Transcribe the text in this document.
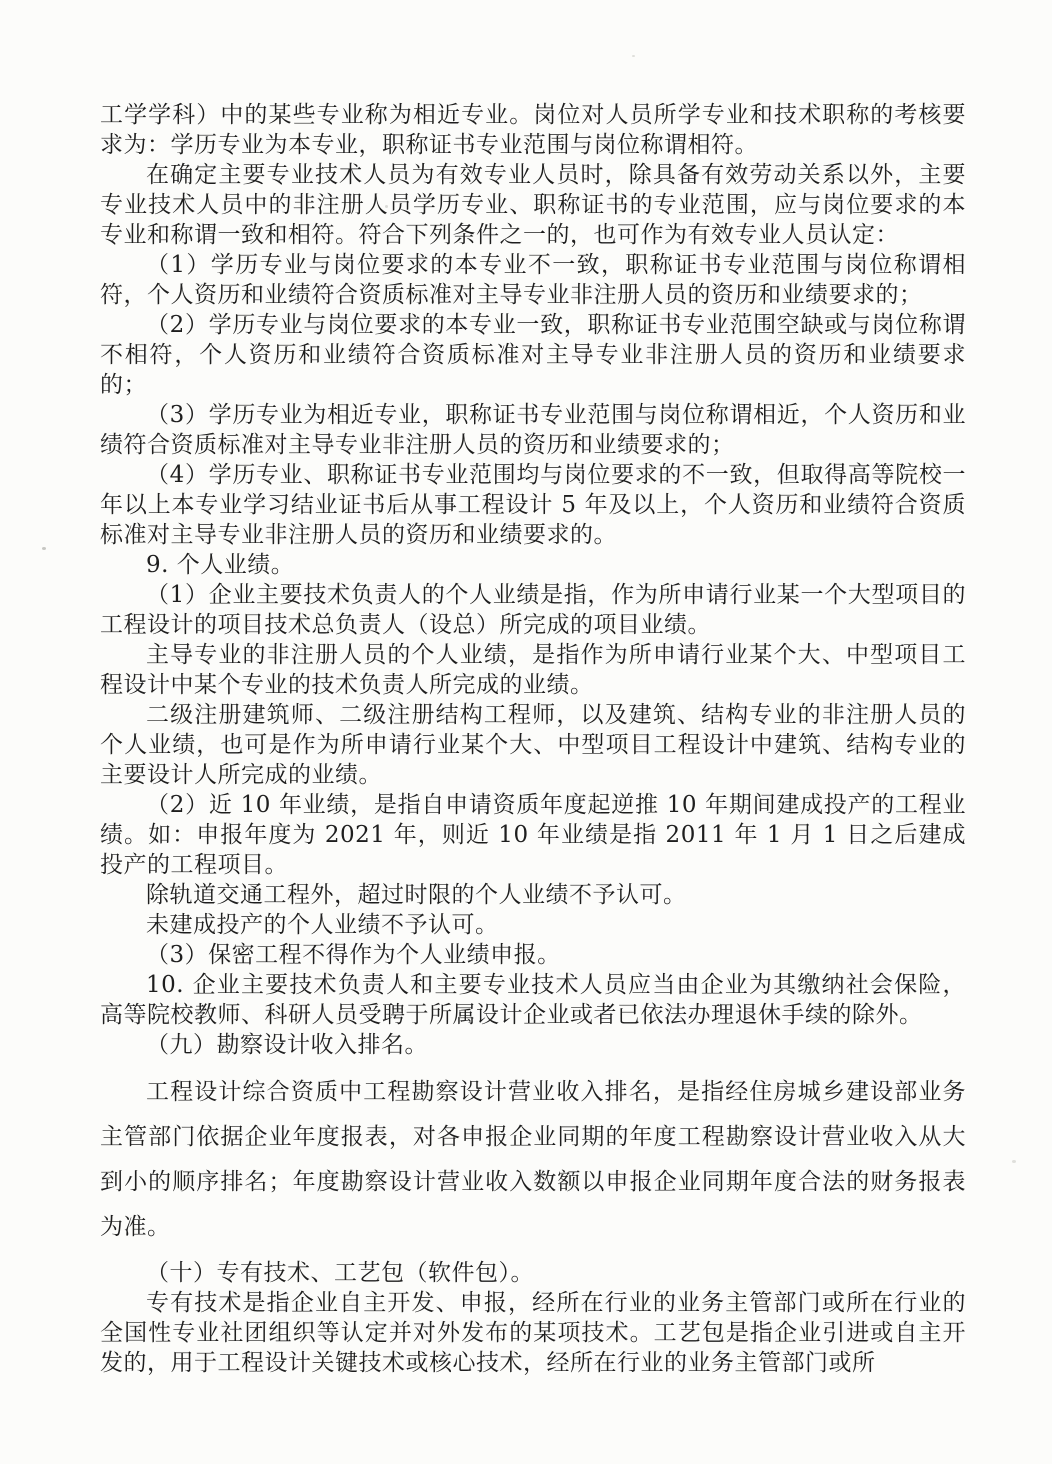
工学学科）中的某些专业称为相近专业。岗位对人员所学专业和技术职称的考核要求为：学历专业为本专业，职称证书专业范围与岗位称谓相符。

在确定主要专业技术人员为有效专业人员时，除具备有效劳动关系以外，主要专业技术人员中的非注册人员学历专业、职称证书的专业范围，应与岗位要求的本专业和称谓一致和相符。符合下列条件之一的，也可作为有效专业人员认定：

（1）学历专业与岗位要求的本专业不一致，职称证书专业范围与岗位称谓相符，个人资历和业绩符合资质标准对主导专业非注册人员的资历和业绩要求的；

（2）学历专业与岗位要求的本专业一致，职称证书专业范围空缺或与岗位称谓不相符，个人资历和业绩符合资质标准对主导专业非注册人员的资历和业绩要求的；

（3）学历专业为相近专业，职称证书专业范围与岗位称谓相近，个人资历和业绩符合资质标准对主导专业非注册人员的资历和业绩要求的；

（4）学历专业、职称证书专业范围均与岗位要求的不一致，但取得高等院校一年以上本专业学习结业证书后从事工程设计 5 年及以上，个人资历和业绩符合资质标准对主导专业非注册人员的资历和业绩要求的。

9. 个人业绩。

（1）企业主要技术负责人的个人业绩是指，作为所申请行业某一个大型项目的工程设计的项目技术总负责人（设总）所完成的项目业绩。

主导专业的非注册人员的个人业绩，是指作为所申请行业某个大、中型项目工程设计中某个专业的技术负责人所完成的业绩。

二级注册建筑师、二级注册结构工程师，以及建筑、结构专业的非注册人员的个人业绩，也可是作为所申请行业某个大、中型项目工程设计中建筑、结构专业的主要设计人所完成的业绩。

（2）近 10 年业绩，是指自申请资质年度起逆推 10 年期间建成投产的工程业绩。如：申报年度为 2021 年，则近 10 年业绩是指 2011 年 1 月 1 日之后建成投产的工程项目。

除轨道交通工程外，超过时限的个人业绩不予认可。

未建成投产的个人业绩不予认可。

（3）保密工程不得作为个人业绩申报。

10. 企业主要技术负责人和主要专业技术人员应当由企业为其缴纳社会保险，高等院校教师、科研人员受聘于所属设计企业或者已依法办理退休手续的除外。

（九）勘察设计收入排名。

工程设计综合资质中工程勘察设计营业收入排名，是指经住房城乡建设部业务主管部门依据企业年度报表，对各申报企业同期的年度工程勘察设计营业收入从大到小的顺序排名；年度勘察设计营业收入数额以申报企业同期年度合法的财务报表为准。

（十）专有技术、工艺包（软件包）。

专有技术是指企业自主开发、申报，经所在行业的业务主管部门或所在行业的全国性专业社团组织等认定并对外发布的某项技术。工艺包是指企业引进或自主开发的，用于工程设计关键技术或核心技术，经所在行业的业务主管部门或所
